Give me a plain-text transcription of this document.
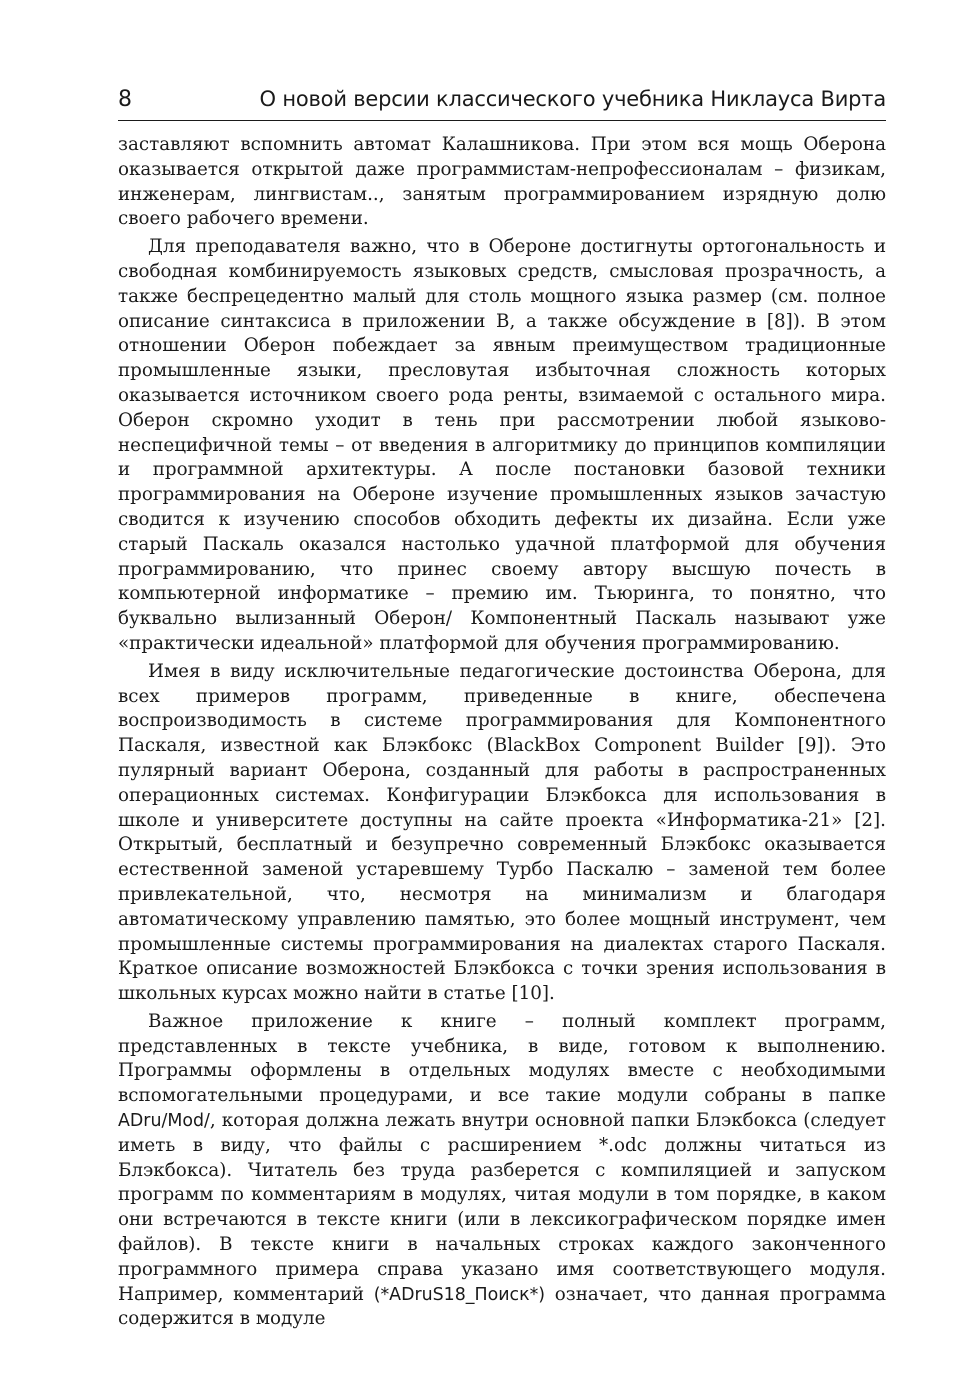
8	О новой версии классического учебника Никлауса Вирта

заставляют вспомнить автомат Калашникова. При этом вся мощь Оберона оказывается открытой даже программистам-непрофессионалам – физикам, инженерам, лингвистам.., занятым программированием изрядную долю своего рабочего времени.

Для преподавателя важно, что в Обероне достигнуты ортогональность и свободная комбинируемость языковых средств, смысловая прозрачность, а также беспрецедентно малый для столь мощного языка размер (см. полное описание синтаксиса в приложении B, а также обсуждение в [8]). В этом отношении Оберон побеждает за явным преимуществом традиционные промышленные языки, пресловутая избыточная сложность которых оказывается источником своего рода ренты, взимаемой с остального мира. Оберон скромно уходит в тень при рассмотрении любой языково-неспецифичной темы – от введения в алгоритмику до принципов компиляции и программной архитектуры. А после постановки базовой техники программирования на Обероне изучение промышленных языков зачастую сводится к изучению способов обходить дефекты их дизайна. Если уже старый Паскаль оказался настолько удачной платформой для обучения программированию, что принес своему автору высшую почесть в компьютерной информатике – премию им. Тьюринга, то понятно, что буквально вылизанный Оберон/ Компонентный Паскаль называют уже «практически идеальной» платформой для обучения программированию.

Имея в виду исключительные педагогические достоинства Оберона, для всех примеров программ, приведенные в книге, обеспечена воспроизводимость в системе программирования для Компонентного Паскаля, известной как Блэкбокс (BlackBox Component Builder [9]). Это пулярный вариант Оберона, созданный для работы в распространенных операционных системах. Конфигурации Блэкбокса для использования в школе и университете доступны на сайте проекта «Информатика-21» [2]. Открытый, бесплатный и безупречно современный Блэкбокс оказывается естественной заменой устаревшему Турбо Паскалю – заменой тем более привлекательной, что, несмотря на минимализм и благодаря автоматическому управлению памятью, это более мощный инструмент, чем промышленные системы программирования на диалектах старого Паскаля. Краткое описание возможностей Блэкбокса с точки зрения использования в школьных курсах можно найти в статье [10].

Важное приложение к книге – полный комплект программ, представленных в тексте учебника, в виде, готовом к выполнению. Программы оформлены в отдельных модулях вместе с необходимыми вспомогательными процедурами, и все такие модули собраны в папке ADru/Mod/, которая должна лежать внутри основной папки Блэкбокса (следует иметь в виду, что файлы с расширением *.odc должны читаться из Блэкбокса). Читатель без труда разберется с компиляцией и запуском программ по комментариям в модулях, читая модули в том порядке, в каком они встречаются в тексте книги (или в лексикографическом порядке имен файлов). В тексте книги в начальных строках каждого законченного программного примера справа указано имя соответствующего модуля. Например, комментарий (*ADruS18_Поиск*) означает, что данная программа содержится в модуле
